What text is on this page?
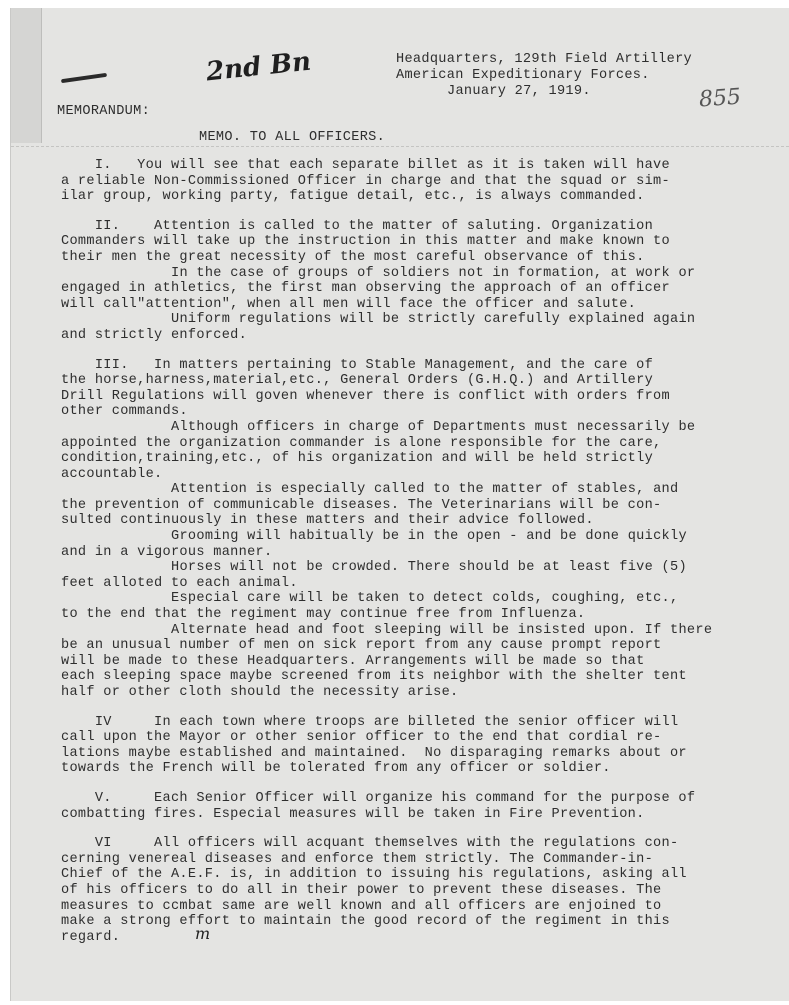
2nd Bn
855
Headquarters, 129th Field Artillery
American Expeditionary Forces.
January 27, 1919.
MEMORANDUM:
MEMO. TO ALL OFFICERS.
I.   You will see that each separate billet as it is taken will have
a reliable Non-Commissioned Officer in charge and that the squad or sim-
ilar group, working party, fatigue detail, etc., is always commanded.
II.    Attention is called to the matter of saluting. Organization
Commanders will take up the instruction in this matter and make known to
their men the great necessity of the most careful observance of this.
In the case of groups of soldiers not in formation, at work or
engaged in athletics, the first man observing the approach of an officer
will call"attention", when all men will face the officer and salute.
Uniform regulations will be strictly carefully explained again
and strictly enforced.
III.   In matters pertaining to Stable Management, and the care of
the horse,harness,material,etc., General Orders (G.H.Q.) and Artillery
Drill Regulations will goven whenever there is conflict with orders from
other commands.
Although officers in charge of Departments must necessarily be
appointed the organization commander is alone responsible for the care,
condition,training,etc., of his organization and will be held strictly
accountable.
Attention is especially called to the matter of stables, and
the prevention of communicable diseases. The Veterinarians will be con-
sulted continuously in these matters and their advice followed.
Grooming will habitually be in the open - and be done quickly
and in a vigorous manner.
Horses will not be crowded. There should be at least five (5)
feet alloted to each animal.
Especial care will be taken to detect colds, coughing, etc.,
to the end that the regiment may continue free from Influenza.
Alternate head and foot sleeping will be insisted upon. If there
be an unusual number of men on sick report from any cause prompt report
will be made to these Headquarters. Arrangements will be made so that
each sleeping space maybe screened from its neighbor with the shelter tent
half or other cloth should the necessity arise.
IV     In each town where troops are billeted the senior officer will
call upon the Mayor or other senior officer to the end that cordial re-
lations maybe established and maintained.  No disparaging remarks about or
towards the French will be tolerated from any officer or soldier.
V.     Each Senior Officer will organize his command for the purpose of
combatting fires. Especial measures will be taken in Fire Prevention.
VI     All officers will acquant themselves with the regulations con-
cerning venereal diseases and enforce them strictly. The Commander-in-
Chief of the A.E.F. is, in addition to issuing his regulations, asking all
of his officers to do all in their power to prevent these diseases. The
measures to ccmbat same are well known and all officers are enjoined to
make a strong effort to maintain the good record of the regiment in this
regard.	m
